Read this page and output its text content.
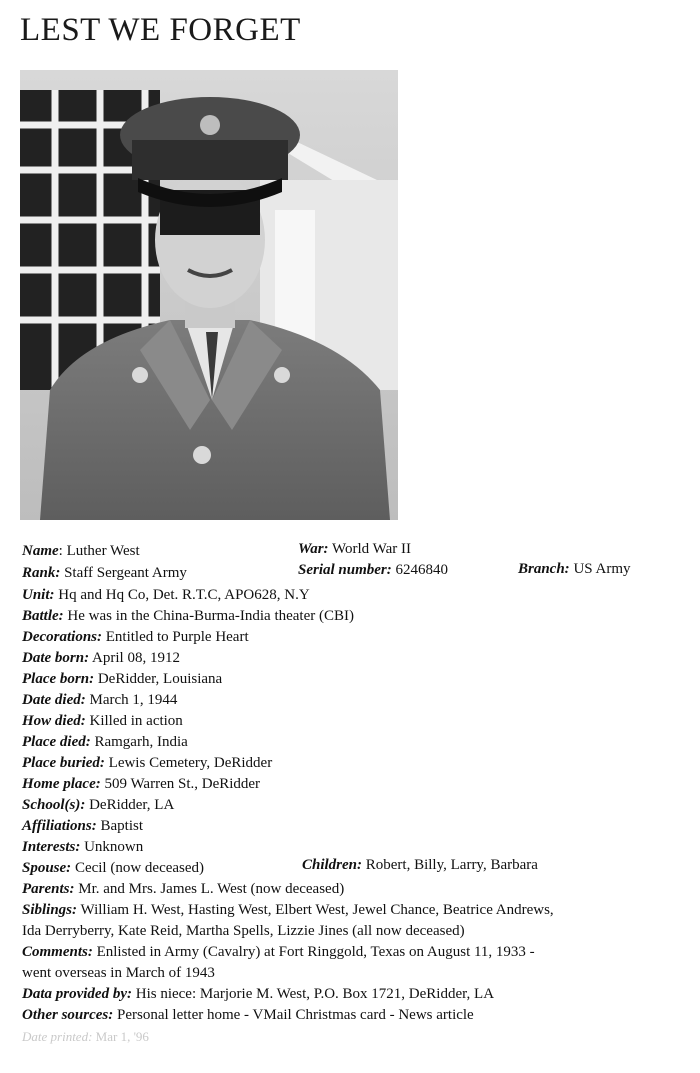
LEST WE FORGET
Name: Luther West	War: World War II
Rank: Staff Sergeant Army	Serial number: 6246840	Branch: US Army
Unit: Hq and Hq Co, Det. R.T.C, APO628, N.Y
Battle: He was in the China-Burma-India theater (CBI)
Decorations: Entitled to Purple Heart
Date born: April 08, 1912
Place born: DeRidder, Louisiana
Date died: March 1, 1944
How died: Killed in action
Place died: Ramgarh, India
Place buried: Lewis Cemetery, DeRidder
Home place: 509 Warren St., DeRidder
School(s): DeRidder, LA
Affiliations: Baptist
Interests: Unknown
Spouse: Cecil (now deceased)	Children: Robert, Billy, Larry, Barbara
Parents: Mr. and Mrs. James L. West (now deceased)
Siblings: William H. West, Hasting West, Elbert West, Jewel Chance, Beatrice Andrews,
Ida Derryberry, Kate Reid, Martha Spells, Lizzie Jines (all now deceased)
Comments: Enlisted in Army (Cavalry) at Fort Ringgold, Texas on August 11, 1933 -
went overseas in March of 1943
Data provided by: His niece: Marjorie M. West, P.O. Box 1721, DeRidder, LA
Other sources: Personal letter home - VMail Christmas card - News article
Date printed: Mar 1, '96
